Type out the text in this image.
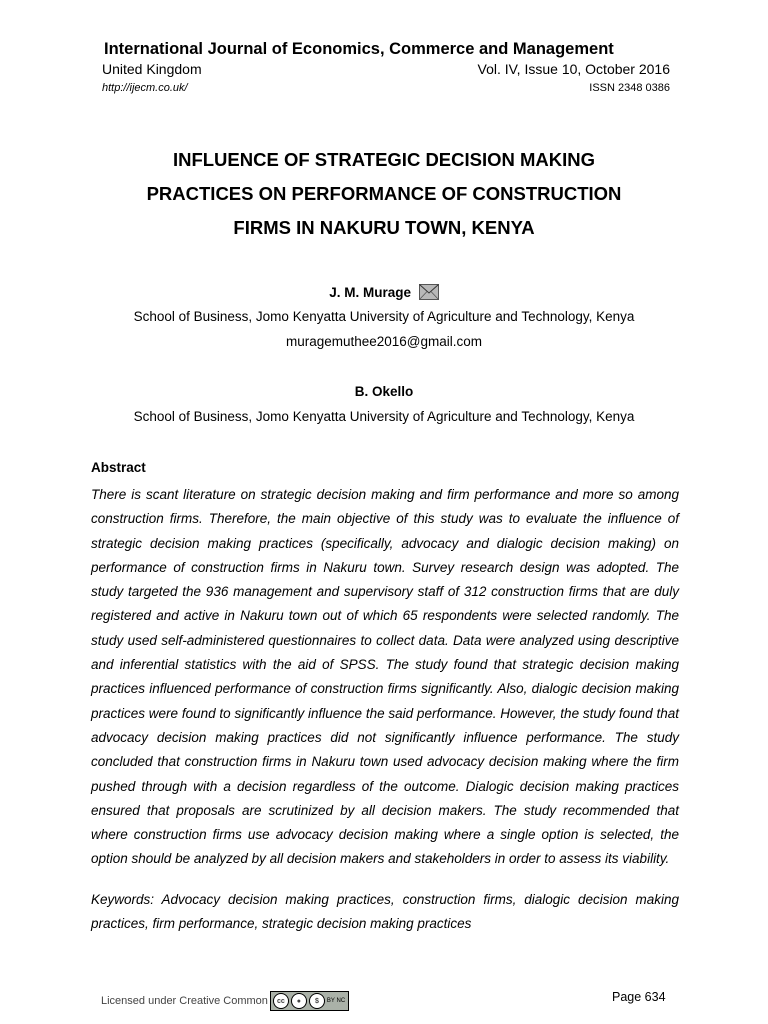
International Journal of Economics, Commerce and Management
United Kingdom	Vol. IV, Issue 10, October 2016
http://ijecm.co.uk/	ISSN 2348 0386
INFLUENCE OF STRATEGIC DECISION MAKING
PRACTICES ON PERFORMANCE OF CONSTRUCTION
FIRMS IN NAKURU TOWN, KENYA
J. M. Murage
School of Business, Jomo Kenyatta University of Agriculture and Technology, Kenya
muragemuthee2016@gmail.com
B. Okello
School of Business, Jomo Kenyatta University of Agriculture and Technology, Kenya
Abstract

There is scant literature on strategic decision making and firm performance and more so among construction firms. Therefore, the main objective of this study was to evaluate the influence of strategic decision making practices (specifically, advocacy and dialogic decision making) on performance of construction firms in Nakuru town. Survey research design was adopted. The study targeted the 936 management and supervisory staff of 312 construction firms that are duly registered and active in Nakuru town out of which 65 respondents were selected randomly. The study used self-administered questionnaires to collect data. Data were analyzed using descriptive and inferential statistics with the aid of SPSS. The study found that strategic decision making practices influenced performance of construction firms significantly. Also, dialogic decision making practices were found to significantly influence the said performance. However, the study found that advocacy decision making practices did not significantly influence performance. The study concluded that construction firms in Nakuru town used advocacy decision making where the firm pushed through with a decision regardless of the outcome. Dialogic decision making practices ensured that proposals are scrutinized by all decision makers. The study recommended that where construction firms use advocacy decision making where a single option is selected, the option should be analyzed by all decision makers and stakeholders in order to assess its viability.

Keywords: Advocacy decision making practices, construction firms, dialogic decision making practices, firm performance, strategic decision making practices

Licensed under Creative Common	cc	●	$	BY NC	Page 634
